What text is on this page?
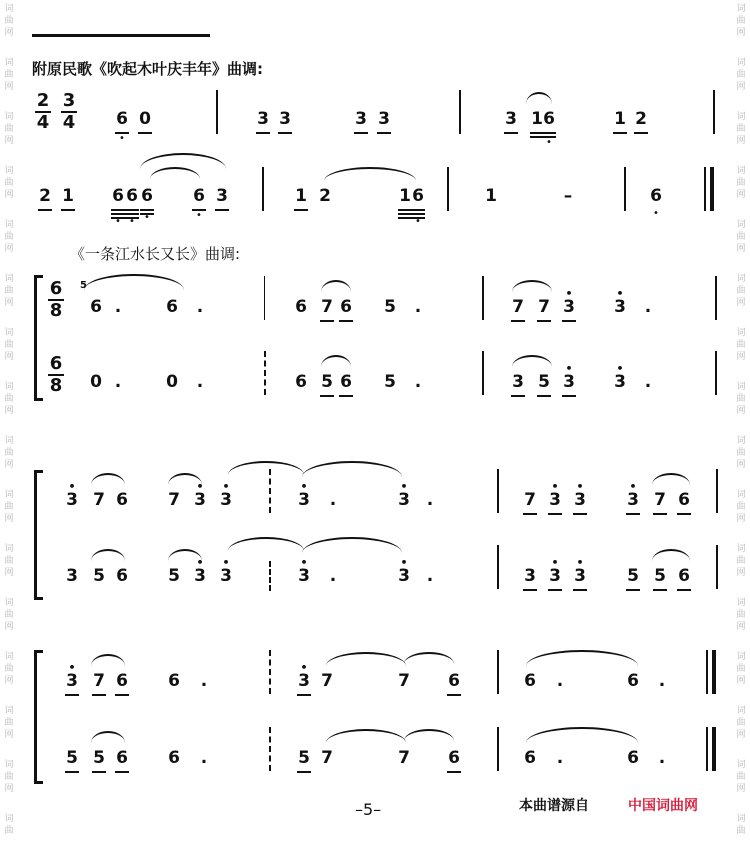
词
曲
网
词
曲
网
词
曲
网
词
曲
网
词
曲
网
词
曲
网
词
曲
网
词
曲
网
词
曲
网
词
曲
网
词
曲
网
词
曲
网
词
曲
网
词
曲
网
词
曲
网
词
曲
词
曲
网
词
曲
网
词
曲
网
词
曲
网
词
曲
网
词
曲
网
词
曲
网
词
曲
网
词
曲
网
词
曲
网
词
曲
网
词
曲
网
词
曲
网
词
曲
网
词
曲
网
词
曲
附原民歌《吹起木叶庆丰年》曲调:
2
4
3
4 6 0
•
3 3	3 3	3 1 6
•
1 2
2 1 6 6 6
• • •
6 3
•
1 2	1 6
•
1	–	6
•
《一条江水长又长》曲调:
6
8
5
6 .	6 .	6 7 6 5 .	7 7 • 3 • 3 .
6
8 0 .	0 .	6 5 6 5 .	3 5 • 3 • 3 .
• 3 7 6 7 • 3 • 3	• 3 .	• 3 .	7 • 3 • 3 • 3 7 6
3 5 6 5 • 3 • 3	• 3 .	• 3 .	3 • 3 • 3 5 5 6
• 3 7 6 6 .	• 3 7	7 6	6 .	6 .
5 5 6 6 .	5 7	7 6	6 .	6 .
–5–	本曲谱源自	中国词曲网
